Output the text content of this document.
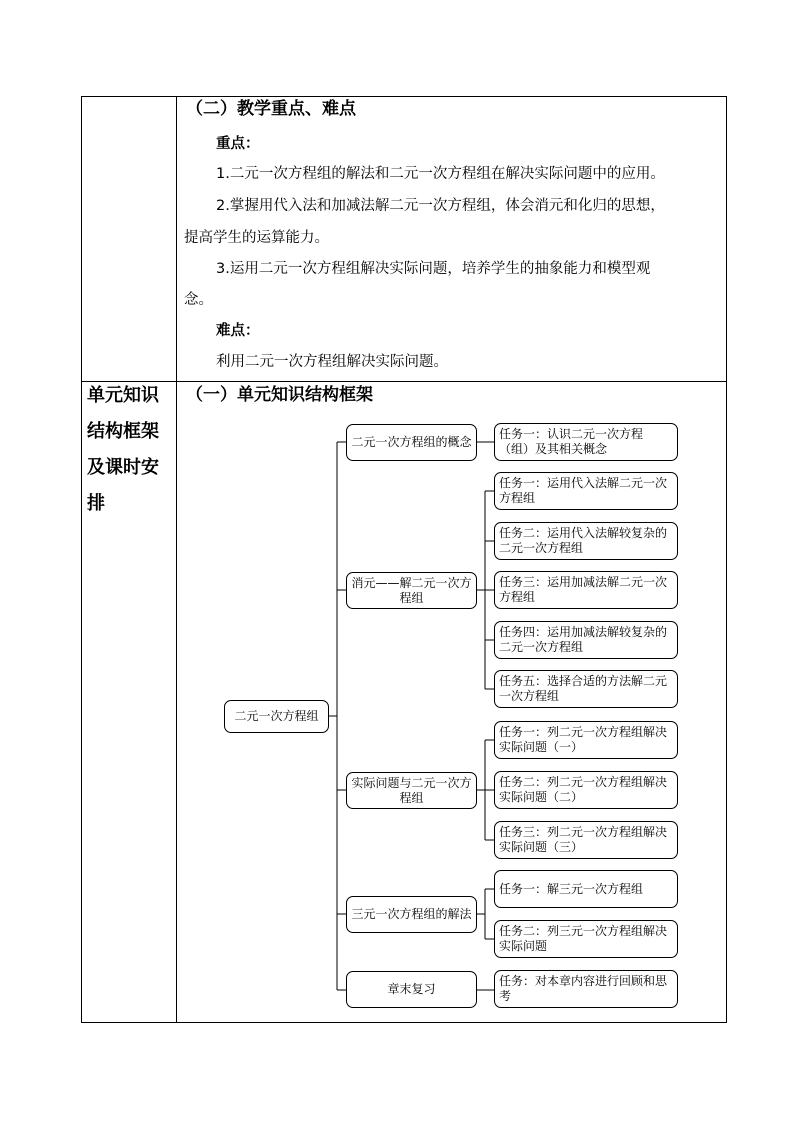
（二）教学重点、难点
重点：
1.二元一次方程组的解法和二元一次方程组在解决实际问题中的应用。
2.掌握用代入法和加减法解二元一次方程组，体会消元和化归的思想，
提高学生的运算能力。
3.运用二元一次方程组解决实际问题，培养学生的抽象能力和模型观
念。
难点：
利用二元一次方程组解决实际问题。
单元知识
结构框架
及课时安
排
（一）单元知识结构框架
二元一次方程组
二元一次方程组的概念
消元——解二元一次方程组
实际问题与二元一次方程组
三元一次方程组的解法
章末复习
任务一：认识二元一次方程（组）及其相关概念
任务一：运用代入法解二元一次方程组
任务二：运用代入法解较复杂的二元一次方程组
任务三：运用加减法解二元一次方程组
任务四：运用加减法解较复杂的二元一次方程组
任务五：选择合适的方法解二元一次方程组
任务一：列二元一次方程组解决实际问题（一）
任务二：列二元一次方程组解决实际问题（二）
任务三：列二元一次方程组解决实际问题（三）
任务一：解三元一次方程组
任务二：列三元一次方程组解决实际问题
任务：对本章内容进行回顾和思考
